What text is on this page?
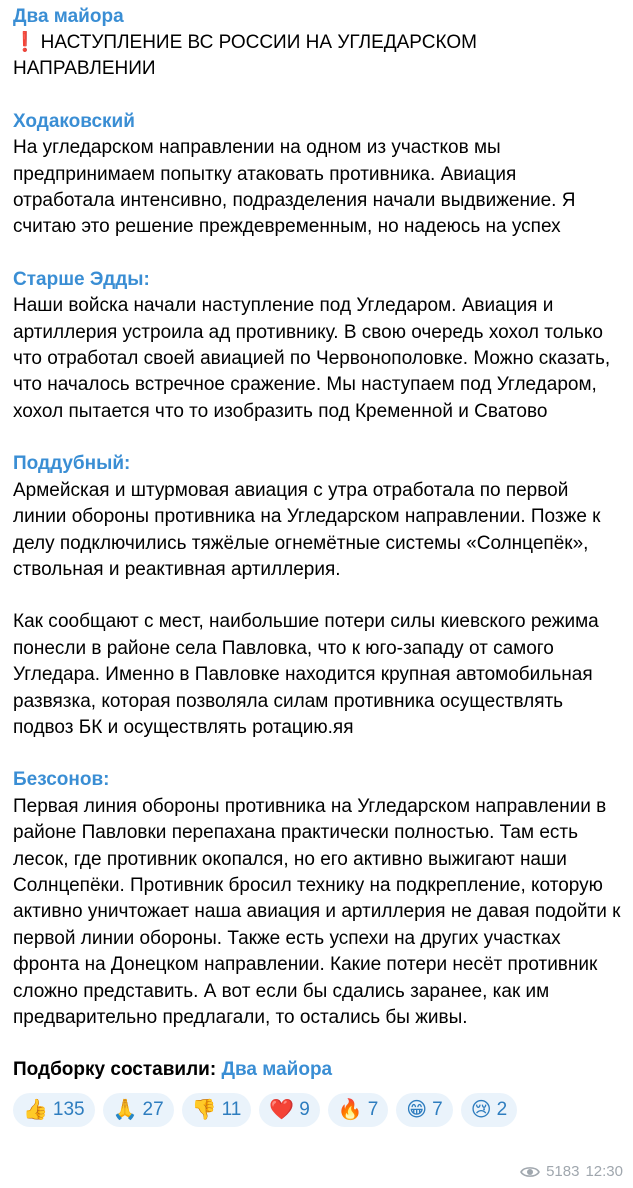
Два майора
❗ НАСТУПЛЕНИЕ ВС РОССИИ НА УГЛЕДАРСКОМ НАПРАВЛЕНИИ
Ходаковский

На угледарском направлении на одном из участков мы предпринимаем попытку атаковать противника. Авиация отработала интенсивно, подразделения начали выдвижение. Я считаю это решение преждевременным, но надеюсь на успех

Старше Эдды:

Наши войска начали наступление под Угледаром. Авиация и артиллерия устроила ад противнику. В свою очередь хохол только что отработал своей авиацией по Червонополовке. Можно сказать, что началось встречное сражение. Мы наступаем под Угледаром, хохол пытается что то изобразить под Кременной и Сватово

Поддубный:

Армейская и штурмовая авиация с утра отработала по первой линии обороны противника на Угледарском направлении. Позже к делу подключились тяжёлые огнемётные системы «Солнцепёк», ствольная и реактивная артиллерия.

Как сообщают с мест, наибольшие потери силы киевского режима понесли в районе села Павловка, что к юго-западу от самого Угледара. Именно в Павловке находится крупная автомобильная развязка, которая позволяла силам противника осуществлять подвоз БК и осуществлять ротацию.яя

Безсонов:

Первая линия обороны противника на Угледарском направлении в районе Павловки перепахана практически полностью. Там есть лесок, где противник окопался, но его активно выжигают наши Солнцепёки. Противник бросил технику на подкрепление, которую активно уничтожает наша авиация и артиллерия не давая подойти к первой линии обороны. Также есть успехи на других участках фронта на Донецком направлении. Какие потери несёт противник сложно представить. А вот если бы сдались заранее, как им предварительно предлагали, то остались бы живы.

Подборку составили: Два майора
👍 135 🙏 27 👎 11 ❤️ 9 🔥 7 😁 7 😢 2
5183 12:30
